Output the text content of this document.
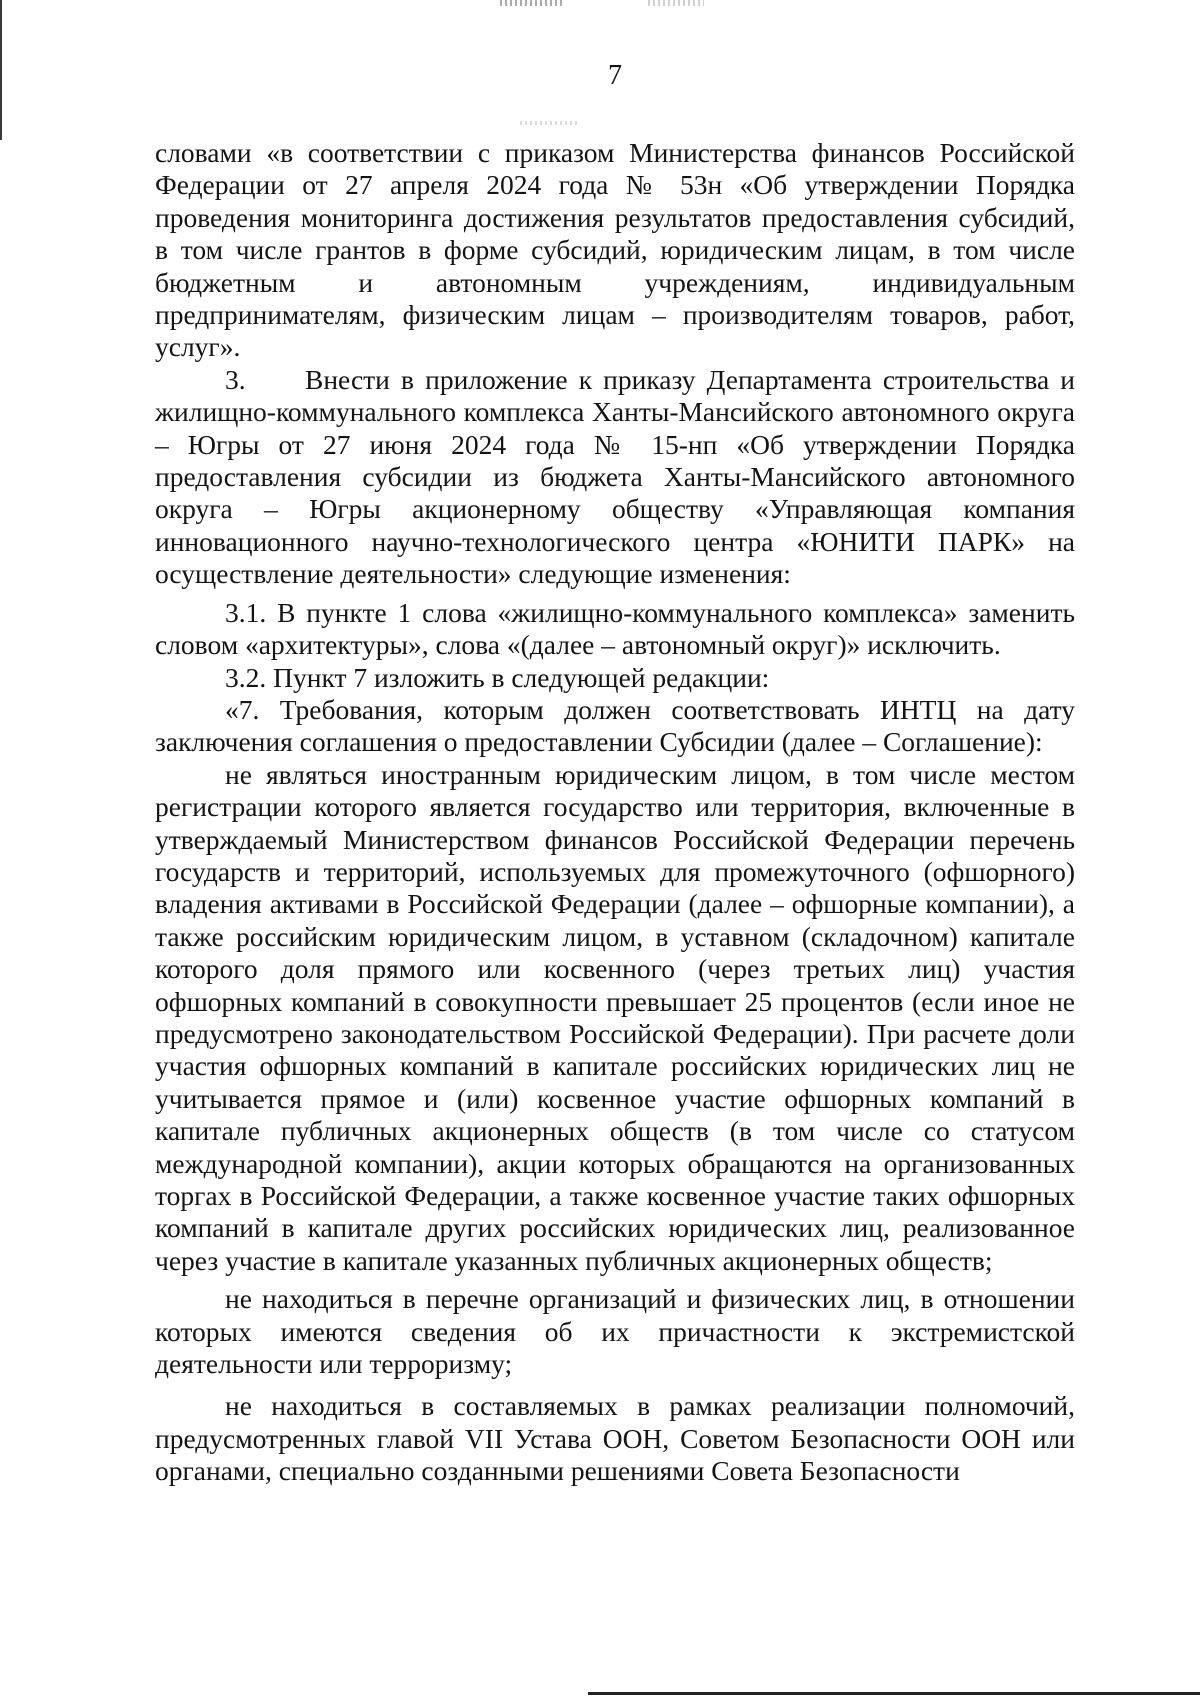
7

словами «в соответствии с приказом Министерства финансов Российской Федерации от 27 апреля 2024 года № 53н «Об утверждении Порядка проведения мониторинга достижения результатов предоставления субсидий, в том числе грантов в форме субсидий, юридическим лицам, в том числе бюджетным и автономным учреждениям, индивидуальным предпринимателям, физическим лицам – производителям товаров, работ, услуг».

3. Внести в приложение к приказу Департамента строительства и жилищно-коммунального комплекса Ханты-Мансийского автономного округа – Югры от 27 июня 2024 года № 15-нп «Об утверждении Порядка предоставления субсидии из бюджета Ханты-Мансийского автономного округа – Югры акционерному обществу «Управляющая компания инновационного научно-технологического центра «ЮНИТИ ПАРК» на осуществление деятельности» следующие изменения:

3.1. В пункте 1 слова «жилищно-коммунального комплекса» заменить словом «архитектуры», слова «(далее – автономный округ)» исключить.

3.2. Пункт 7 изложить в следующей редакции:

«7. Требования, которым должен соответствовать ИНТЦ на дату заключения соглашения о предоставлении Субсидии (далее – Соглашение):

не являться иностранным юридическим лицом, в том числе местом регистрации которого является государство или территория, включенные в утверждаемый Министерством финансов Российской Федерации перечень государств и территорий, используемых для промежуточного (офшорного) владения активами в Российской Федерации (далее – офшорные компании), а также российским юридическим лицом, в уставном (складочном) капитале которого доля прямого или косвенного (через третьих лиц) участия офшорных компаний в совокупности превышает 25 процентов (если иное не предусмотрено законодательством Российской Федерации). При расчете доли участия офшорных компаний в капитале российских юридических лиц не учитывается прямое и (или) косвенное участие офшорных компаний в капитале публичных акционерных обществ (в том числе со статусом международной компании), акции которых обращаются на организованных торгах в Российской Федерации, а также косвенное участие таких офшорных компаний в капитале других российских юридических лиц, реализованное через участие в капитале указанных публичных акционерных обществ;

не находиться в перечне организаций и физических лиц, в отношении которых имеются сведения об их причастности к экстремистской деятельности или терроризму;

не находиться в составляемых в рамках реализации полномочий, предусмотренных главой VII Устава ООН, Советом Безопасности ООН или органами, специально созданными решениями Совета Безопасности
